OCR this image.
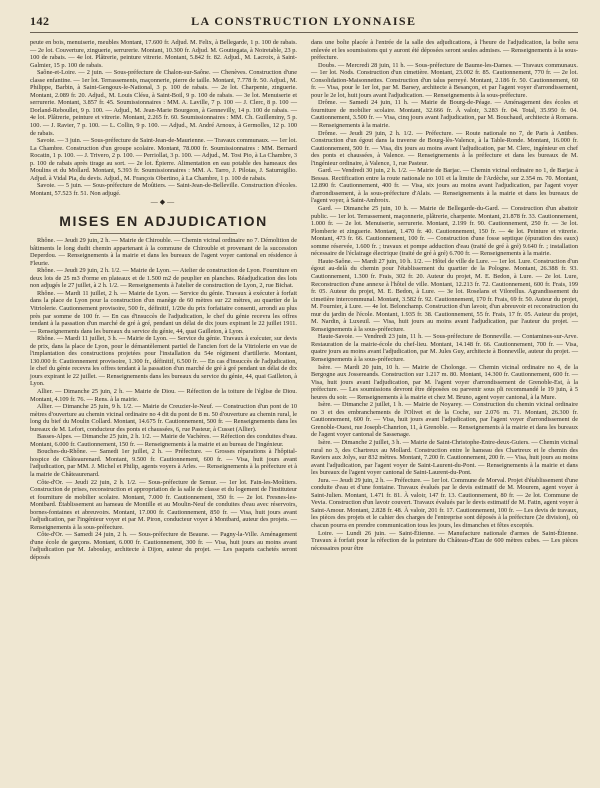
142	LA CONSTRUCTION LYONNAISE

peute en bois, menuiserie, meubles Montant, 17.600 fr. Adjud. M. Felix, à Bellegarde, 1 p. 100 de rabais. — 2e lot. Couverture, zinguerie, serrurerie. Montant, 10.300 fr. Adjud. M. Gouttegata, à Noiretable, 23 p. 100 de rabais. — 4e lot. Plâtrerie, peinture vitrerie. Montant, 5.842 fr. 82. Adjud., M. Lacroix, à Saint-Galmier, 15 p. 100 de rabais.

Saône-et-Loire. — 2 juin. — Sous-préfecture de Chalon-sur-Saône. — Chenèves. Construction d'une classe enfantine. — 1er lot. Terrassements, maçonnerie, pierre de taille. Montant, 7.778 fr. 50. Adjud., M. Philippe, Barbin, à Saint-Gengoux-le-National, 3 p. 100 de rabais. — 2e lot. Charpente, zinguerie. Montant, 2.089 fr. 20. Adjud., M. Louis Clésu, à Saint-Boil, 9 p. 100 de rabais. — 3e lot. Menuiserie et serrurerie. Montant, 3.857 fr. 45. Soumissionnaires : MM. A. Laville, 7 p. 100 — J. Clerc, 8 p. 100 — Dorland-Reboullet, 9 p. 100. — Adjud., M. Jean-Marie Bourgeon, à Gennevilly, 14 p. 100 de rabais. — 4e lot. Plâtrerie, peinture et vitrerie. Montant, 2.265 fr. 60. Soumissionnaires : MM. Ch. Guilleminy, 5 p. 100. — J. Ravier, 7 p. 100. — L. Collin, 9 p. 100. — Adjud., M. André Arnoux, à Germolles, 12 p. 100 de rabais.

Savoie. — 3 juin. — Sous-préfecture de Saint-Jean-de-Maurienne. — Travaux communaux. — 1er lot. La Chambre. Construction d'un groupe scolaire. Montant, 78.000 fr. Soumissionnaires : MM. Bernard Rocatin, 1 p. 100. — J. Trivero, 2 p. 100. — Perriollat, 3 p. 100. — Adjud., M. Tosi Pio, à La Chambre, 3 p. 100 de rabais après tirage au sort. — 2e lot. Épierre. Alimentation en eau potable des hameaux des Moulins et du Mollard. Montant, 5.393 fr. Soumissionnaires : MM. A. Tarro, J. Pilotas, J. Saturnigilio. Adjud. à Vidal Pia, du devis. Adjud., M. François Obertino, à La Chambre, 1 p. 100 de rabais.

Savoie. — 5 juin. — Sous-préfecture de Moûtiers. — Saint-Jean-de-Belleville. Construction d'écoles. Montant, 57.523 fr. 51. Non adjugé.

—◆—
MISES EN ADJUDICATION

Rhône. — Jeudi 29 juin, 2 h. — Mairie de Chirouble. — Chemin vicinal ordinaire no 7. Démolition de bâtiments le long dudit chemin appartenant à la commune de Chirouble et provenant de la succession Deperdou. — Renseignements à la mairie et dans les bureaux de l'agent voyer cantonal en résidence à Fleurie.

Rhône. — Jeudi 29 juin, 2 h. 1/2. — Mairie de Lyon. — Atelier de construction de Lyon. Fourniture en deux lots de 25 m3 d'orme en plateaux et de 1.500 m2 de peuplier en planches. Réadjudication des lots non adjugés le 27 juillet, à 2 h. 1/2. — Renseignements à l'atelier de construction de Lyon, 2, rue Bichat.

Rhône. — Mardi 11 juillet, 2 h. — Mairie de Lyon. — Service du génie. Travaux à exécuter à forfait dans la place de Lyon pour la construction d'un manège de 60 mètres sur 22 mètres, au quartier de la Vitriolerie. Cautionnement provisoire, 500 fr., définitif, 1/20e du prix forfaitaire consenti, arrondi au plus près par somme de 100 fr. — En cas d'insuccès de l'adjudication, le chef du génie recevra les offres tendant à la passation d'un marché de gré à gré, pendant un délai de dix jours expirant le 22 juillet 1911. — Renseignements dans les bureaux du service du génie, 44, quai Gailleton, à Lyon.

Rhône. — Mardi 11 juillet, 3 h. — Mairie de Lyon. — Service du génie. Travaux à exécuter, sur devis de prix, dans la place de Lyon, pour le démantèlement partiel de l'ancien fort de la Vitriolerie en vue de l'implantation des constructions projetées pour l'installation du 54e régiment d'artillerie. Montant, 130.000 fr. Cautionnement provisoire, 1.300 fr., définitif, 6.500 fr. — En cas d'insuccès de l'adjudication, le chef du génie recevra les offres tendant à la passation d'un marché de gré à gré pendant un délai de dix jours expirant le 22 juillet. — Renseignements dans les bureaux du service du génie, 44, quai Gailleton, à Lyon.

Allier. — Dimanche 25 juin, 2 h. — Mairie de Diou. — Réfection de la toiture de l'église de Diou. Montant, 4.109 fr. 76. — Rens. à la mairie.

Allier. — Dimanche 25 juin, 9 h. 1/2. — Mairie de Creuzier-le-Neuf. — Construction d'un pont de 10 mètres d'ouverture au chemin vicinal ordinaire no 4 dit du pont de 8 m. 50 d'ouverture au chemin rural, le long du bief du Moulin Collard. Montant, 14.675 fr. Cautionnement, 500 fr. — Renseignements dans les bureaux de M. Lefort, conducteur des ponts et chaussées, 6, rue Pasteur, à Cusset (Allier).

Basses-Alpes. — Dimanche 25 juin, 2 h. 1/2. — Mairie de Vachères. — Réfection des conduites d'eau. Montant, 6.000 fr. Cautionnement, 150 fr. — Renseignements à la mairie et au bureau de l'ingénieur.

Bouches-du-Rhône. — Samedi 1er juillet, 2 h. — Préfecture. — Grosses réparations à l'hôpital-hospice de Châteaurenard. Montant, 9.500 fr. Cautionnement, 600 fr. — Visa, huit jours avant l'adjudication, par MM. J. Michel et Philip, agents voyers à Arles. — Renseignements à la préfecture et à la mairie de Châteaurenard.

Côte-d'Or. — Jeudi 22 juin, 2 h. 1/2. — Sous-préfecture de Semur. — 1er lot. Fain-les-Moûtiers. Construction de prises, reconstruction et appropriation de la salle de classe et du logement de l'instituteur et fourniture de mobilier scolaire. Montant, 7.000 fr. Cautionnement, 350 fr. — 2e lot. Fresnes-les-Montbard. Établissement au hameau de Montille et au Moulin-Neuf de conduites d'eau avec réservoirs, bornes-fontaines et abreuvoirs. Montant, 17.000 fr. Cautionnement, 850 fr. — Visa, huit jours avant l'adjudication, par l'ingénieur voyer et par M. Piron, conducteur voyer à Montbard, auteur des projets. — Renseignements à la sous-préfecture.

Côte-d'Or. — Samedi 24 juin, 2 h. — Sous-préfecture de Beaune. — Pagny-la-Ville. Aménagement d'une école de garçons. Montant, 6.000 fr. Cautionnement, 300 fr. — Visa, huit jours au moins avant l'adjudication par M. Jaboulay, architecte à Dijon, auteur du projet. — Les paquets cachetés seront déposés

dans une boîte placée à l'entrée de la salle des adjudications, à l'heure de l'adjudication, la boîte sera enlevée et les soumissions qui y auront été déposées seront seules admises. — Renseignements à la sous-préfecture.

Doubs. — Mercredi 28 juin, 11 h. — Sous-préfecture de Baume-les-Dames. — Travaux communaux. — 1er lot. Nods. Construction d'un cimetière. Montant, 23.002 fr. 85. Cautionnement, 770 fr. — 2e lot. Consolidation-Maisonnettes. Construction d'un talus perreyé. Montant, 2.186 fr. 50. Cautionnement, 60 fr. — Visa, pour le 1er lot, par M. Barsey, architecte à Besançon, et par l'agent voyer d'arrondissement, pour le 2e lot, huit jours avant l'adjudication. — Renseignements à la sous-préfecture.

Drôme. — Samedi 24 juin, 11 h. — Mairie de Bourg-de-Péage. — Aménagement des écoles et fourniture de mobilier scolaire. Montant, 32.666 fr. À valoir, 3.283 fr. 04. Total, 35.950 fr. 04. Cautionnement, 3.500 fr. — Visa, cinq jours avant l'adjudication, par M. Bouchaud, architecte à Romans. — Renseignements à la mairie.

Drôme. — Jeudi 29 juin, 2 h. 1/2. — Préfecture. — Route nationale no 7, de Paris à Antibes. Construction d'un égout dans la traverse de Bourg-lès-Valence, à la Table-Ronde. Montant, 16.000 fr. Cautionnement, 500 fr. — Visa, dix jours au moins avant l'adjudication, par M. Clerc, ingénieur en chef des ponts et chaussées, à Valence. — Renseignements à la préfecture et dans les bureaux de M. l'ingénieur ordinaire, à Valence, 1, rue Pasteur.

Gard. — Vendredi 30 juin, 2 h. 1/2. — Mairie de Barjac. — Chemin vicinal ordinaire no 1, de Barjac à Bessas. Rectification entre la route nationale no 101 et la limite de l'Ardèche, sur 2.354 m. 70. Montant, 12.890 fr. Cautionnement, 400 fr. — Visa, six jours au moins avant l'adjudication, par l'agent voyer d'arrondissement, à la sous-préfecture d'Alais. — Renseignements à la mairie et dans les bureaux de l'agent voyer, à Saint-Ambroix.

Gard. — Dimanche 25 juin, 10 h. — Mairie de Bellegarde-du-Gard. — Construction d'un abattoir public. — 1er lot. Terrassement, maçonnerie, plâtrerie, charpente. Montant, 21.878 fr. 33. Cautionnement, 1.000 fr. — 2e lot. Menuiserie, serrurerie. Montant, 2.199 fr. 90. Cautionnement, 250 fr. — 3e lot. Plomberie et zinguerie. Montant, 1.470 fr. 40. Cautionnement, 150 fr. — 4e lot. Peinture et vitrerie. Montant, 473 fr. 66. Cautionnement, 100 fr. — Construction d'une fosse septique (épuration des eaux) somme réservée, 1.600 fr. ; travaux et pompe adduction d'eau (traité de gré à gré) 9.640 fr. ; installation nécessaire de l'éclairage électrique (traité de gré à gré) 6.700 fr. — Renseignements à la mairie.

Haute-Saône. — Mardi 27 juin, 10 h. 1/2. — Hôtel de ville de Lure. — 1er lot. Lure. Construction d'un égout au-delà du chemin pour l'établissement du quartier de la Pologne. Montant, 26.388 fr. 93. Cautionnement, 1.300 fr. Frais, 302 fr. 20. Auteur du projet, M. E. Bedon, à Lure. — 2e lot. Lure, Reconstruction d'une annexe à l'hôtel de ville. Montant, 12.213 fr. 72. Cautionnement, 600 fr. Frais, 199 fr. 05. Auteur du projet, M. E. Bedon, à Lure. — 3e lot. Roselans et Vilorellus. Agrandissement du cimetière intercommunal. Montant, 3.582 fr. 92. Cautionnement, 170 fr. Frais, 69 fr. 50. Auteur du projet, M. Fournier, à Lure. — 4e lot. Belonchamp. Construction d'un lavoir, d'un abreuvoir et reconstruction du mur du jardin de l'école. Montant, 1.935 fr. 38. Cautionnement, 55 fr. Frais, 17 fr. 05. Auteur du projet, M. Nardin, à Luxeuil. — Visa, huit jours au moins avant l'adjudication, par l'auteur du projet. — Renseignements à la sous-préfecture.

Haute-Savoie. — Vendredi 23 juin, 11 h. — Sous-préfecture de Bonneville. — Contamines-sur-Arve. Restauration de la mairie-école du chef-lieu. Montant, 14.148 fr. 66. Cautionnement, 700 fr. — Visa, quatre jours au moins avant l'adjudication, par M. Jules Guy, architecte à Bonneville, auteur du projet. — Renseignements à la sous-préfecture.

Isère. — Mardi 20 juin, 10 h. — Mairie de Cholonge. — Chemin vicinal ordinaire no 4, de la Bergogne aux Jossereands. Construction sur 1.217 m. 80. Montant, 14.300 fr. Cautionnement, 600 fr. — Visa, huit jours avant l'adjudication, par M. l'agent voyer d'arrondissement de Grenoble-Est, à la préfecture. — Les soumissions devront être déposées ou parvenir sous pli recommandé le 19 juin, à 5 heures du soir. — Renseignements à la mairie et chez M. Bruno, agent voyer cantonal, à la Mure.

Isère. — Dimanche 2 juillet, 1 h. — Mairie de Noyarey. — Construction du chemin vicinal ordinaire no 3 et des embranchements de l'Olivet et de la Coche, sur 2.076 m. 71. Montant, 26.300 fr. Cautionnement, 600 fr. — Visa, huit jours avant l'adjudication, par l'agent voyer d'arrondissement de Grenoble-Ouest, rue Joseph-Chanrion, 11, à Grenoble. — Renseignements à la mairie et dans les bureaux de l'agent voyer cantonal de Sassenage.

Isère. — Dimanche 2 juillet, 3 h. — Mairie de Saint-Christophe-Entre-deux-Guiers. — Chemin vicinal rural no 3, des Chartreux au Mollard. Construction entre le hameau des Chartreux et le chemin des Raviers aux Jolys, sur 832 mètres. Montant, 7.200 fr. Cautionnement, 200 fr. — Visa, huit jours au moins avant l'adjudication, par l'agent voyer de Saint-Laurent-du-Pont. — Renseignements à la mairie et dans les bureaux de l'agent voyer cantonal de Saint-Laurent-du-Pont.

Jura. — Jeudi 29 juin, 2 h. — Préfecture. — 1er lot. Commune de Morval. Projet d'établissement d'une conduite d'eau et d'une fontaine. Travaux évalués par le devis estimatif de M. Mourem, agent voyer à Saint-Julien. Montant, 1.471 fr. 81. À valoir, 147 fr. 13. Cautionnement, 80 fr. — 2e lot. Commune de Vevia. Construction d'un lavoir couvert. Travaux évalués par le devis estimatif de M. Fatin, agent voyer à Saint-Amour. Montant, 2.828 fr. 48. À valoir, 201 fr. 17. Cautionnement, 100 fr. — Les devis de travaux, les pièces des projets et le cahier des charges de l'entreprise sont déposés à la préfecture (2e division), où chacun pourra en prendre communication tous les jours, les dimanches et fêtes exceptés.

Loire. — Lundi 26 juin. — Saint-Étienne. — Manufacture nationale d'armes de Saint-Étienne. Travaux à forfait pour la réfection de la peinture du Château-d'Eau de 600 mètres cubes. — Les pièces nécessaires pour être
